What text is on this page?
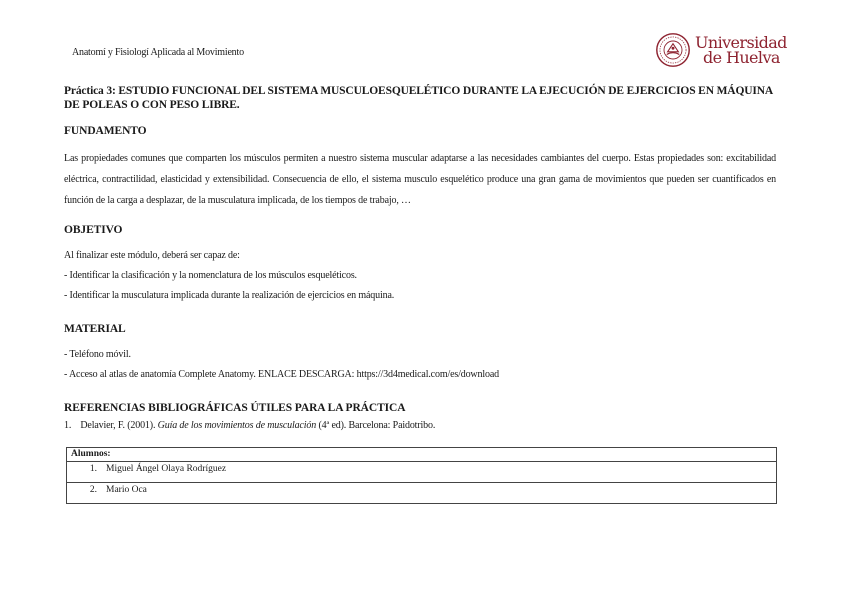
Anatomí y Fisiologí Aplicada al Movimiento
Universidad
de Huelva

Práctica 3: ESTUDIO FUNCIONAL DEL SISTEMA MUSCULOESQUELÉTICO DURANTE LA EJECUCIÓN DE EJERCICIOS EN MÁQUINA DE POLEAS O CON PESO LIBRE.

FUNDAMENTO

Las propiedades comunes que comparten los músculos permiten a nuestro sistema muscular adaptarse a las necesidades cambiantes del cuerpo. Estas propiedades son: excitabilidad eléctrica, contractilidad, elasticidad y extensibilidad. Consecuencia de ello, el sistema musculo esquelético produce una gran gama de movimientos que pueden ser cuantificados en función de la carga a desplazar, de la musculatura implicada, de los tiempos de trabajo, …

OBJETIVO

Al finalizar este módulo, deberá ser capaz de:

- Identificar la clasificación y la nomenclatura de los músculos esqueléticos.

- Identificar la musculatura implicada durante la realización de ejercicios en máquina.

MATERIAL

- Teléfono móvil.

- Acceso al atlas de anatomía Complete Anatomy. ENLACE DESCARGA: https://3d4medical.com/es/download

REFERENCIAS BIBLIOGRÁFICAS ÚTILES PARA LA PRÁCTICA

1. Delavier, F. (2001). Guía de los movimientos de musculación (4ª ed). Barcelona: Paidotribo.
Alumnos:

1. Miguel Ángel Olaya Rodríguez

2. Mario Oca
